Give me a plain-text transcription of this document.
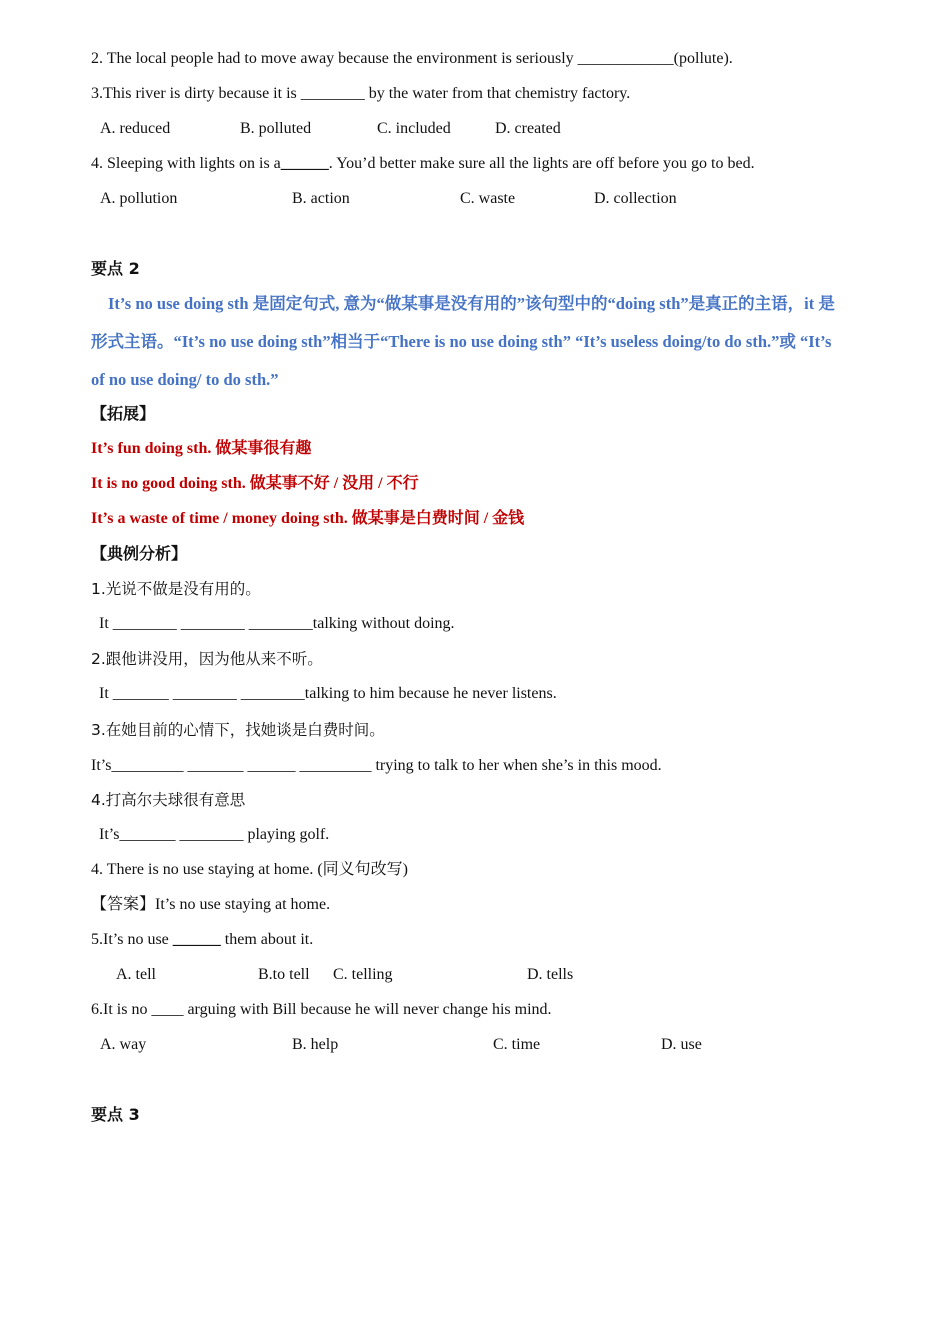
2. The local people had to move away because the environment is seriously ____________(pollute).
3.This river is dirty because it is ________ by the water from that chemistry factory.
A. reduced	B. polluted	C. included	D. created
4. Sleeping with lights on is a______. You’d better make sure all the lights are off before you go to bed.
A. pollution	B. action	C. waste	D. collection
要点 2
It’s no use doing sth 是固定句式, 意为“做某事是没有用的”该句型中的“doing sth”是真正的主语，it 是
形式主语。“It’s no use doing sth”相当于“There is no use doing sth” “It’s useless doing/to do sth.”或 “It’s
of no use doing/ to do sth.”
【拓展】
It’s fun doing sth. 做某事很有趣
It is no good doing sth. 做某事不好 / 没用 / 不行
It’s a waste of time / money doing sth. 做某事是白费时间 / 金钱
【典例分析】
1.光说不做是没有用的。
It ________ ________ ________talking without doing.
2.跟他讲没用，因为他从来不听。
It _______ ________ ________talking to him because he never listens.
3.在她目前的心情下，找她谈是白费时间。
It’s_________ _______ ______ _________ trying to talk to her when she’s in this mood.
4.打高尔夫球很有意思
It’s_______ ________ playing golf.
4. There is no use staying at home. (同义句改写)
【答案】It’s no use staying at home.
5.It’s no use ______ them about it.
A. tell	B.to tell C. telling	D. tells
6.It is no ____ arguing with Bill because he will never change his mind.
A. way	B. help	C. time	D. use
要点 3
